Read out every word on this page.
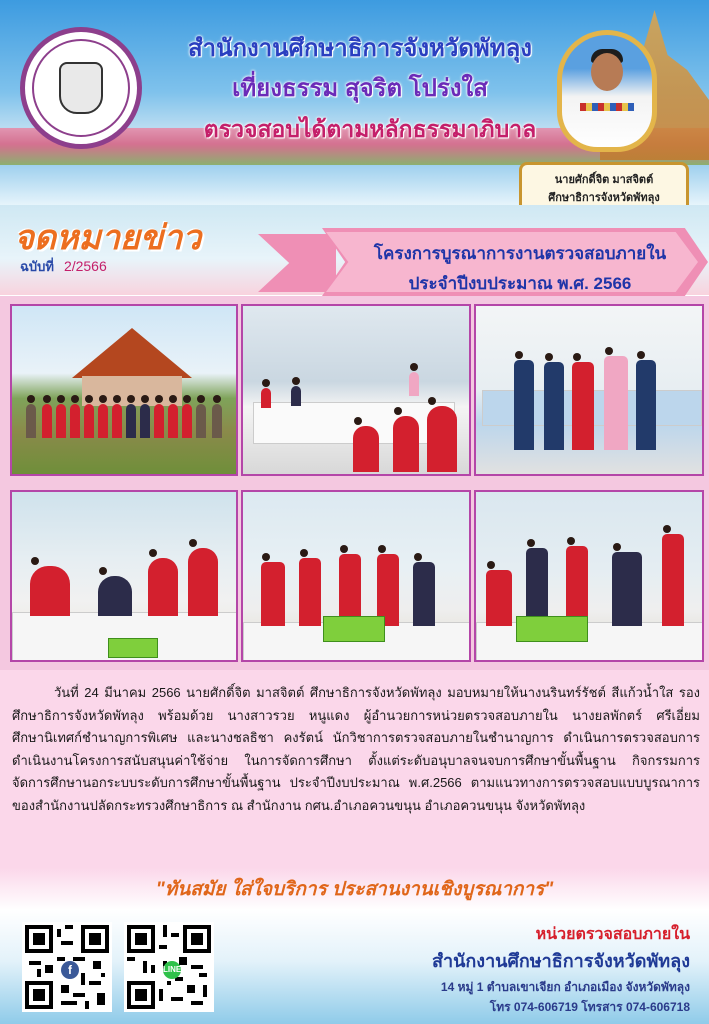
สำนักงานศึกษาธิการจังหวัดพัทลุง
เที่ยงธรรม สุจริต โปร่งใส
ตรวจสอบได้ตามหลักธรรมาภิบาล
นายศักดิ์จิต มาสจิตต์
ศึกษาธิการจังหวัดพัทลุง
จดหมายข่าว
ฉบับที่ 2/2566
โครงการบูรณาการงานตรวจสอบภายใน
ประจำปีงบประมาณ พ.ศ. 2566
วันที่ 24 มีนาคม 2566 นายศักดิ์จิต มาสจิตต์ ศึกษาธิการจังหวัดพัทลุง มอบหมายให้นางนรินทร์รัชต์ สีแก้วน้ำใส รองศึกษาธิการจังหวัดพัทลุง พร้อมด้วย นางสาวรวย หนูแดง ผู้อำนวยการหน่วยตรวจสอบภายใน นางยลพักตร์ ศรีเอี่ยม ศึกษานิเทศก์ชำนาญการพิเศษ และนางชลธิชา คงรัตน์ นักวิชาการตรวจสอบภายในชำนาญการ ดำเนินการตรวจสอบการดำเนินงานโครงการสนับสนุนค่าใช้จ่าย ในการจัดการศึกษา ตั้งแต่ระดับอนุบาลจนจบการศึกษาขั้นพื้นฐาน กิจกรรมการจัดการศึกษานอกระบบระดับการศึกษาขั้นพื้นฐาน ประจำปีงบประมาณ พ.ศ.2566 ตามแนวทางการตรวจสอบแบบบูรณาการของสำนักงานปลัดกระทรวงศึกษาธิการ ณ สำนักงาน กศน.อำเภอควนขนุน อำเภอควนขนุน จังหวัดพัทลุง
"ทันสมัย ใส่ใจบริการ ประสานงานเชิงบูรณาการ"
f	LINE
หน่วยตรวจสอบภายใน
สำนักงานศึกษาธิการจังหวัดพัทลุง
14 หมู่ 1 ตำบลเขาเจียก อำเภอเมือง จังหวัดพัทลุง
โทร 074-606719 โทรสาร 074-606718
